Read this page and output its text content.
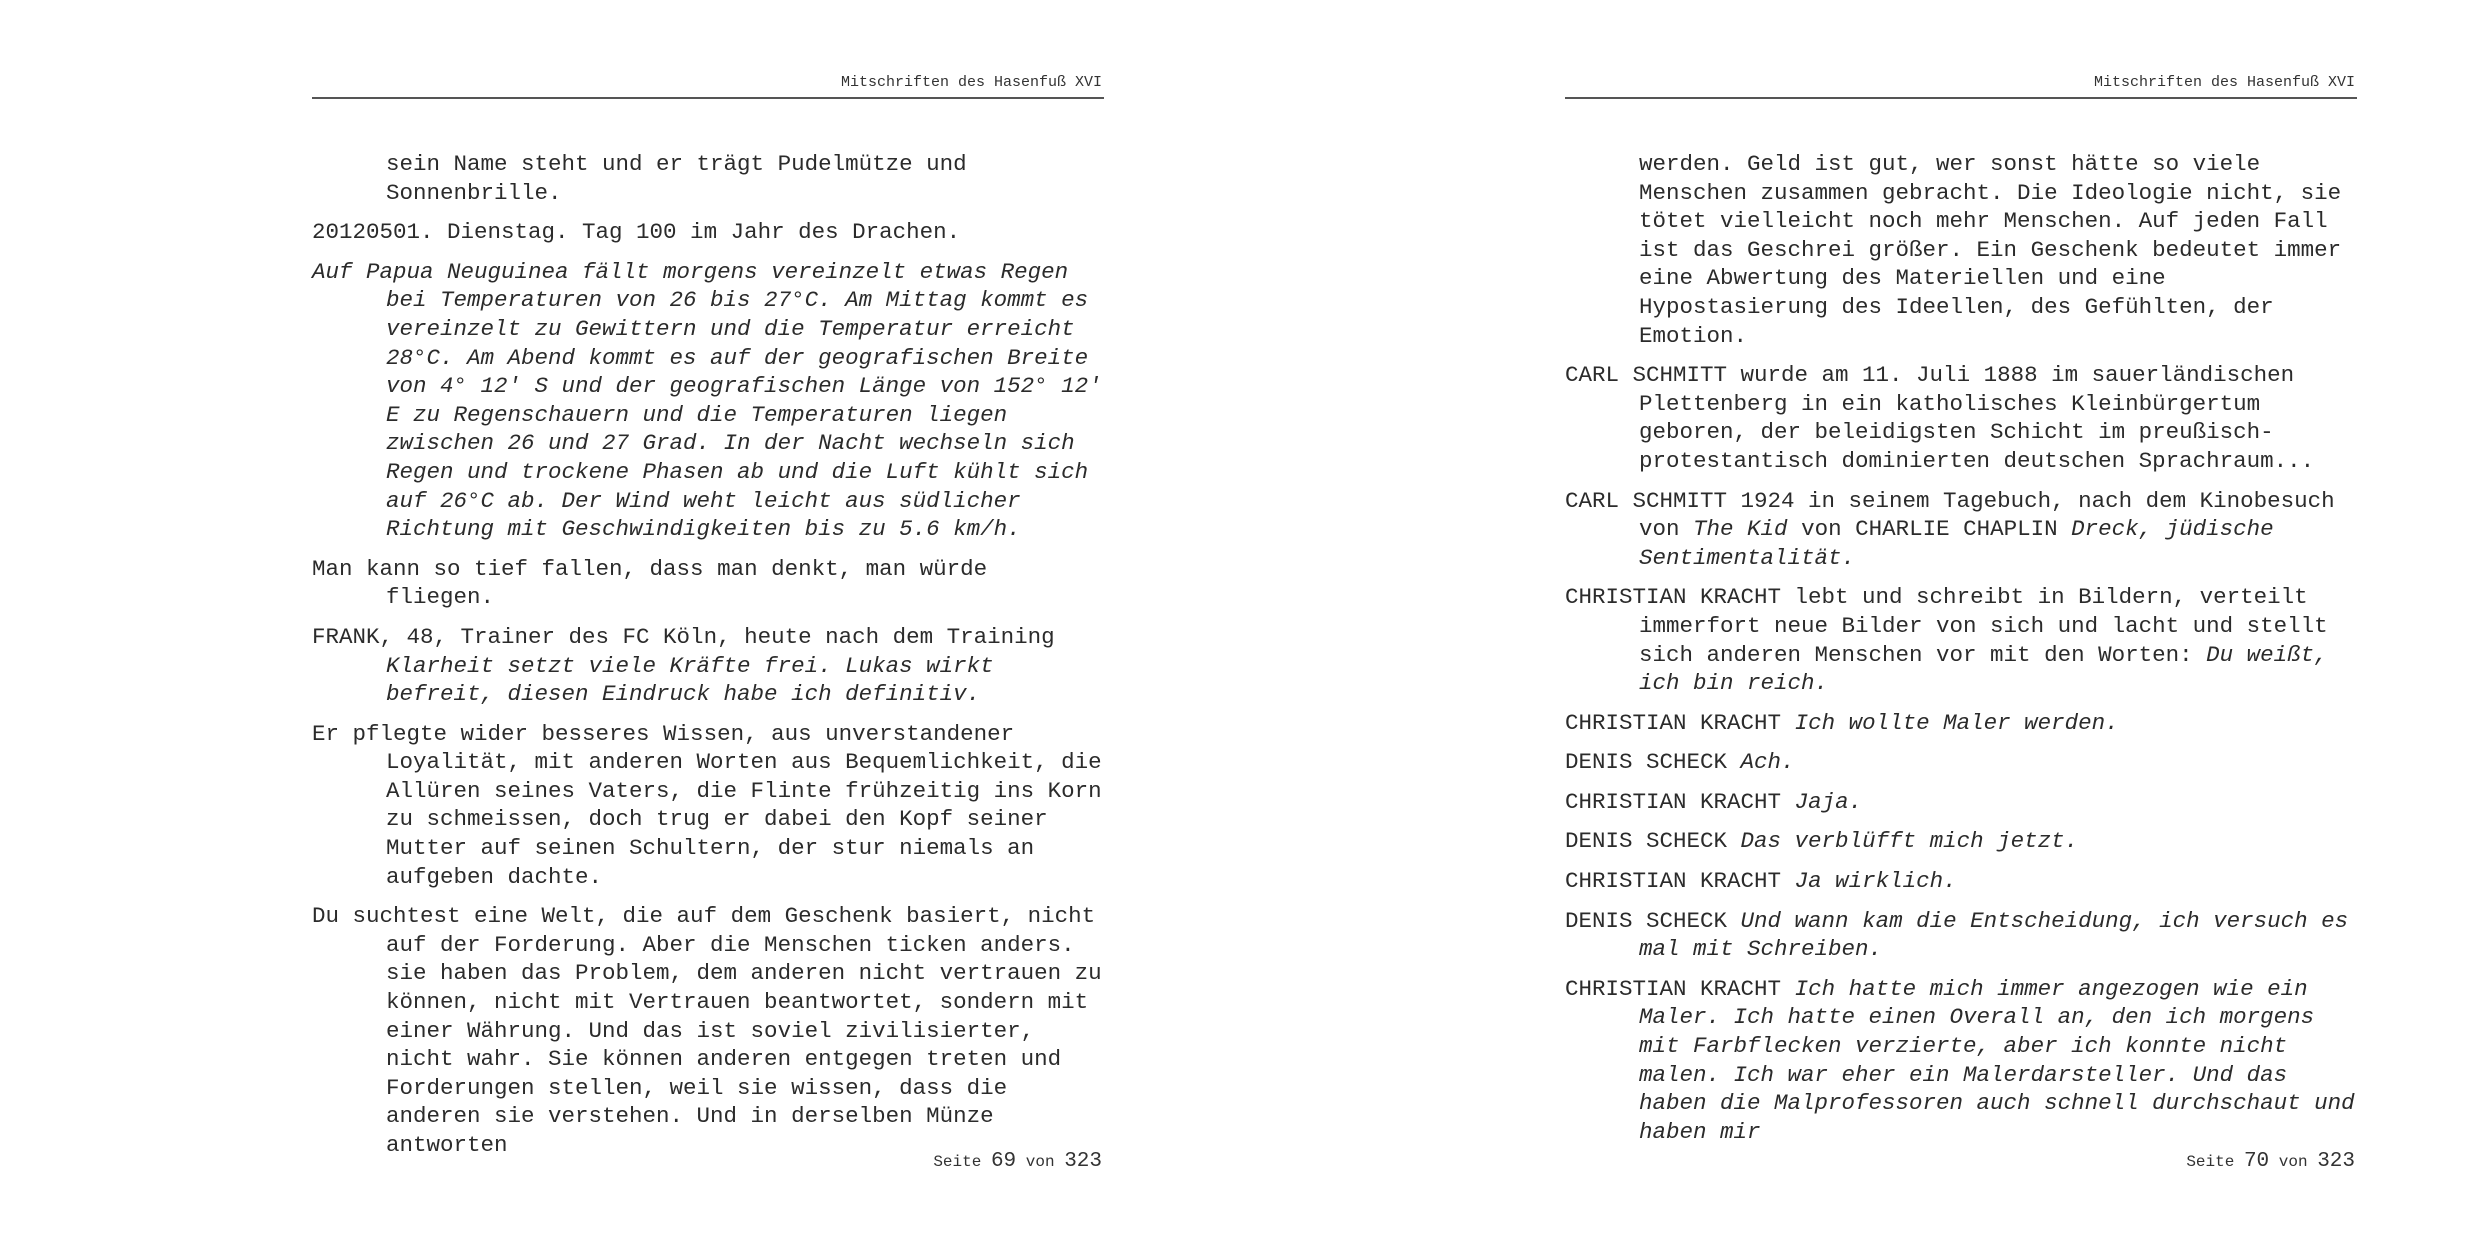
Mitschriften des Hasenfuß XVI

sein Name steht und er trägt Pudelmütze und Sonnenbrille.

20120501. Dienstag. Tag 100 im Jahr des Drachen.

Auf Papua Neuguinea fällt morgens vereinzelt etwas Regen bei Temperaturen von 26 bis 27°C. Am Mittag kommt es vereinzelt zu Gewittern und die Temperatur erreicht 28°C. Am Abend kommt es auf der geografischen Breite von 4° 12′ S und der geografischen Länge von 152° 12′ E zu Regenschauern und die Temperaturen liegen zwischen 26 und 27 Grad. In der Nacht wechseln sich Regen und trockene Phasen ab und die Luft kühlt sich auf 26°C ab. Der Wind weht leicht aus südlicher Richtung mit Geschwindigkeiten bis zu 5.6 km/h.

Man kann so tief fallen, dass man denkt, man würde fliegen.

FRANK, 48, Trainer des FC Köln, heute nach dem Training Klarheit setzt viele Kräfte frei. Lukas wirkt befreit, diesen Eindruck habe ich definitiv.

Er pflegte wider besseres Wissen, aus unverstandener Loyalität, mit anderen Worten aus Bequemlichkeit, die Allüren seines Vaters, die Flinte frühzeitig ins Korn zu schmeissen, doch trug er dabei den Kopf seiner Mutter auf seinen Schultern, der stur niemals an aufgeben dachte.

Du suchtest eine Welt, die auf dem Geschenk basiert, nicht auf der Forderung. Aber die Menschen ticken anders. sie haben das Problem, dem anderen nicht vertrauen zu können, nicht mit Vertrauen beantwortet, sondern mit einer Währung. Und das ist soviel zivilisierter, nicht wahr. Sie können anderen entgegen treten und Forderungen stellen, weil sie wissen, dass die anderen sie verstehen. Und in derselben Münze antworten

Seite 69 von 323
Mitschriften des Hasenfuß XVI

werden. Geld ist gut, wer sonst hätte so viele Menschen zusammen gebracht. Die Ideologie nicht, sie tötet vielleicht noch mehr Menschen. Auf jeden Fall ist das Geschrei größer. Ein Geschenk bedeutet immer eine Abwertung des Materiellen und eine Hypostasierung des Ideellen, des Gefühlten, der Emotion.

CARL SCHMITT wurde am 11. Juli 1888 im sauerländischen Plettenberg in ein katholisches Kleinbürgertum geboren, der beleidigsten Schicht im preußisch-protestantisch dominierten deutschen Sprachraum...

CARL SCHMITT 1924 in seinem Tagebuch, nach dem Kinobesuch von The Kid von CHARLIE CHAPLIN Dreck, jüdische Sentimentalität.

CHRISTIAN KRACHT lebt und schreibt in Bildern, verteilt immerfort neue Bilder von sich und lacht und stellt sich anderen Menschen vor mit den Worten: Du weißt, ich bin reich.

CHRISTIAN KRACHT Ich wollte Maler werden.

DENIS SCHECK Ach.

CHRISTIAN KRACHT Jaja.

DENIS SCHECK Das verblüfft mich jetzt.

CHRISTIAN KRACHT Ja wirklich.

DENIS SCHECK Und wann kam die Entscheidung, ich versuch es mal mit Schreiben.

CHRISTIAN KRACHT Ich hatte mich immer angezogen wie ein Maler. Ich hatte einen Overall an, den ich morgens mit Farbflecken verzierte, aber ich konnte nicht malen. Ich war eher ein Malerdarsteller. Und das haben die Malprofessoren auch schnell durchschaut und haben mir

Seite 70 von 323
